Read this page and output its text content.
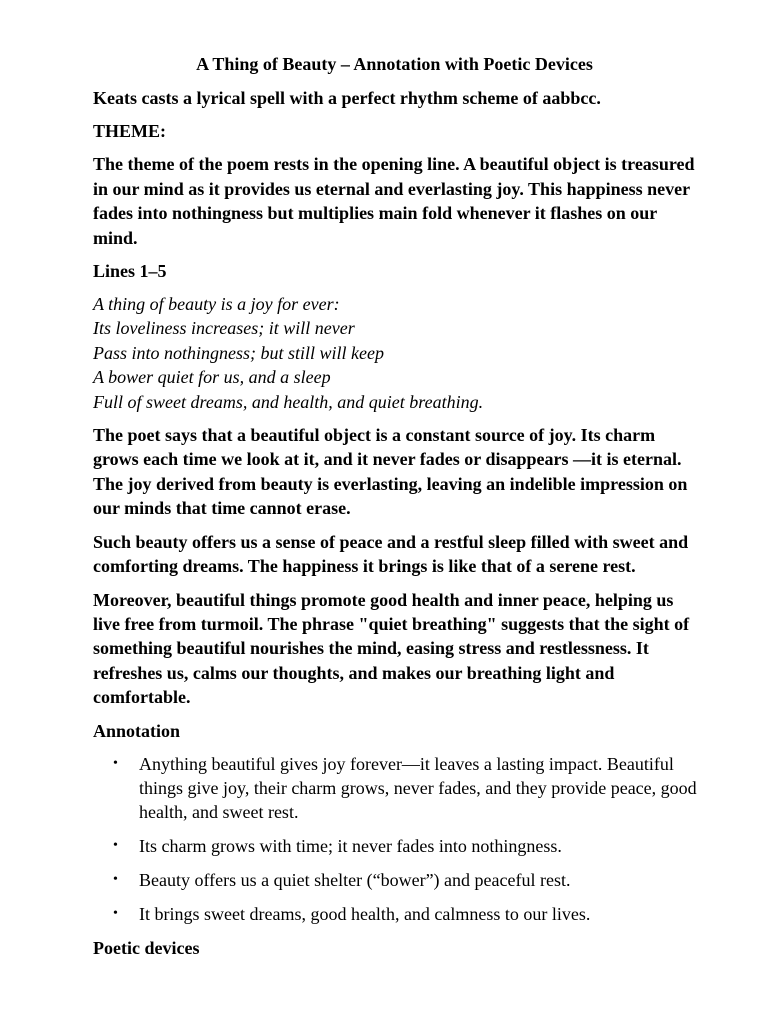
A Thing of Beauty – Annotation with Poetic Devices
Keats casts a lyrical spell with a perfect rhythm scheme of aabbcc.
THEME:
The theme of the poem rests in the opening line. A beautiful object is treasured in our mind as it provides us eternal and everlasting joy. This happiness never fades into nothingness but multiplies main fold whenever it flashes on our mind.
Lines 1–5
A thing of beauty is a joy for ever:
Its loveliness increases; it will never
Pass into nothingness; but still will keep
A bower quiet for us, and a sleep
Full of sweet dreams, and health, and quiet breathing.
The poet says that a beautiful object is a constant source of joy. Its charm grows each time we look at it, and it never fades or disappears —it is eternal. The joy derived from beauty is everlasting, leaving an indelible impression on our minds that time cannot erase.
Such beauty offers us a sense of peace and a restful sleep filled with sweet and comforting dreams. The happiness it brings is like that of a serene rest.
Moreover, beautiful things promote good health and inner peace, helping us live free from turmoil. The phrase "quiet breathing" suggests that the sight of something beautiful nourishes the mind, easing stress and restlessness. It refreshes us, calms our thoughts, and makes our breathing light and comfortable.
Annotation
• Anything beautiful gives joy forever—it leaves a lasting impact. Beautiful things give joy, their charm grows, never fades, and they provide peace, good health, and sweet rest.
• Its charm grows with time; it never fades into nothingness.
• Beauty offers us a quiet shelter (“bower”) and peaceful rest.
• It brings sweet dreams, good health, and calmness to our lives.
Poetic devices
